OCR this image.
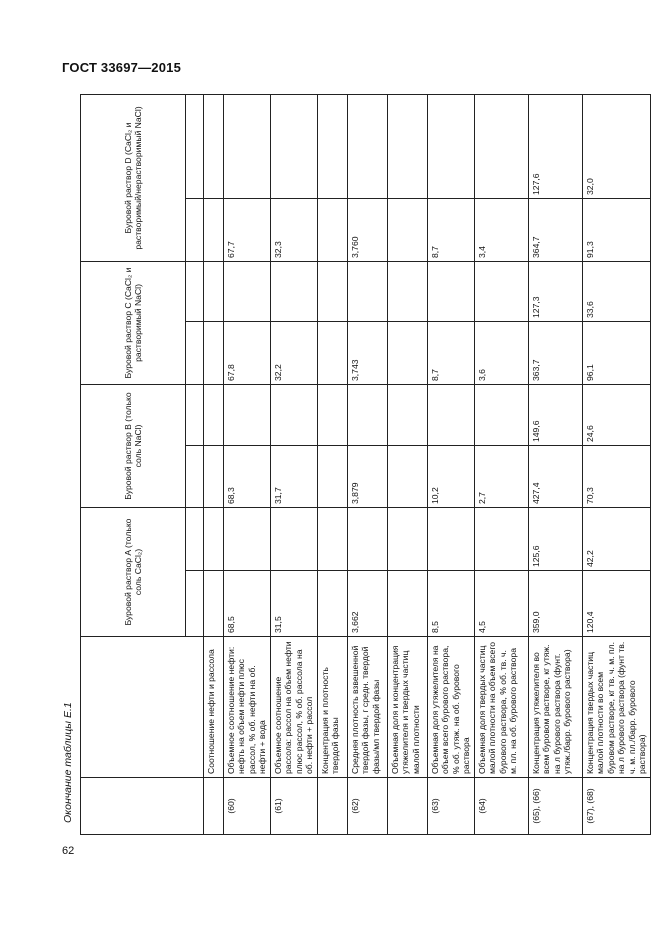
ГОСТ 33697—2015
Окончание таблицы Е.1
62
		Буровой раствор A (только соль CaCl₂)		Буровой раствор B (только соль NaCl)		Буровой раствор C (CaCl₂ и растворимый NaCl)		Буровой раствор D (CaCl₂ и растворимый/нерастворимый NaCl)	

	Соотношение нефти и рассола								
(60)	Объемное соотношение нефти: нефть на объем нефти плюс рассол, % об. нефти на об. нефти + вода	68,5		68,3		67,8		67,7	
(61)	Объемное соотношение рассола: рассол на объем нефти плюс рассол, % об. рассола на об. нефти + рассол	31,5		31,7		32,2		32,3	
	Концентрация и плотность твердой фазы								
(62)	Средняя плотность взвешенной твердой фазы, г средн. твердой фазы/мл твердой фазы	3,662		3,879		3,743		3,760	
	Объемная доля и концентрация утяжелителя и твердых частиц малой плотности								
(63)	Объемная доля утяжелителя на объем всего бурового раствора, % об. утяж. на об. бурового раствора	8,5		10,2		8,7		8,7	
(64)	Объемная доля твердых частиц малой плотности на объем всего бурового раствора, % об. тв. ч. м. пл. на об. бурового раствора	4,5		2,7		3,6		3,4	
(65), (66)	Концентрация утяжелителя во всем буровом растворе, кг утяж. на л бурового раствора (фунт. утяж./барр. бурового раствора)	359,0	125,6	427,4	149,6	363,7	127,3	364,7	127,6
(67), (68)	Концентрация твердых частиц малой плотности во всем буровом растворе, кг тв. ч. м. пл. на л бурового раствора (фунт тв. ч. м. пл./барр. бурового раствора)	120,4	42,2	70,3	24,6	96,1	33,6	91,3	32,0
